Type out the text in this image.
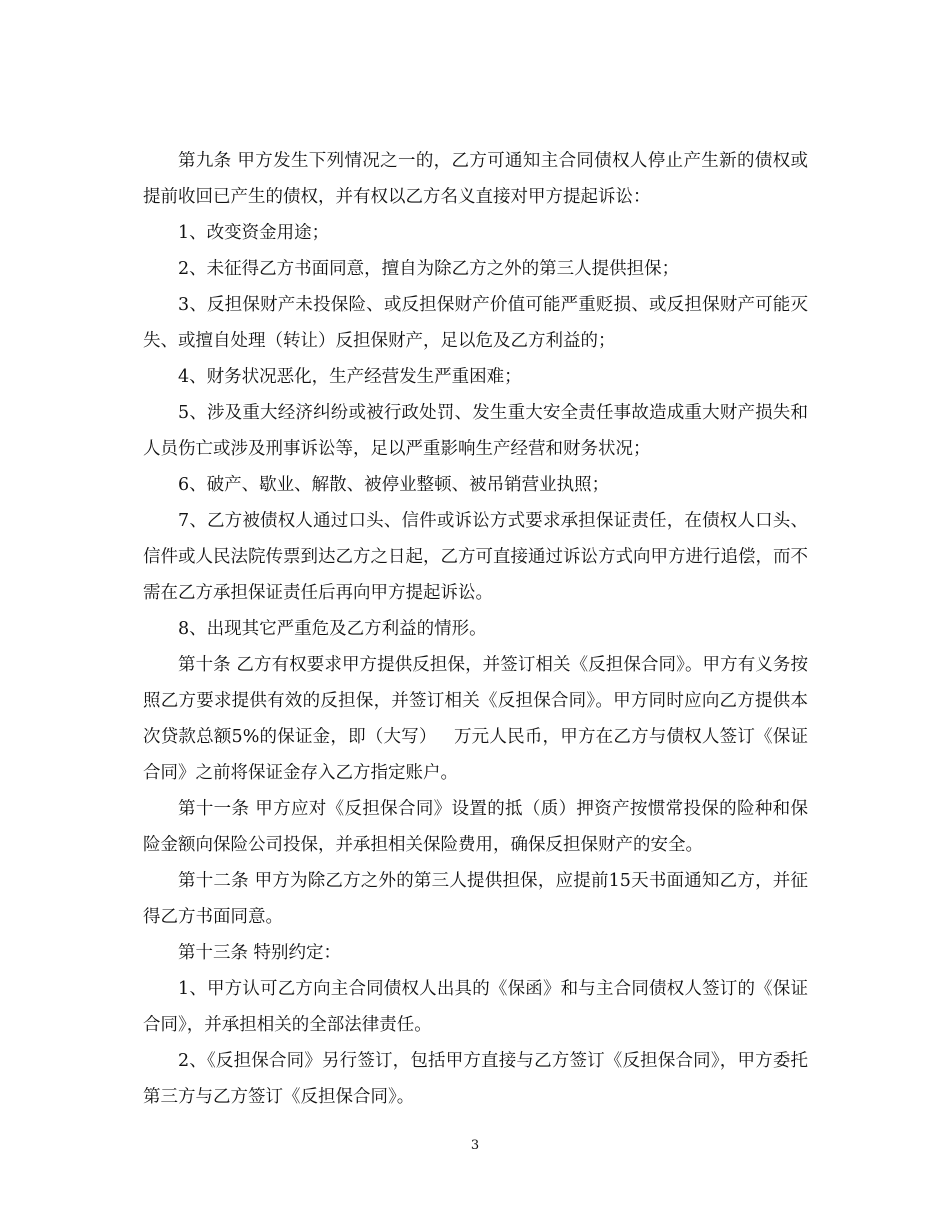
第九条 甲方发生下列情况之一的，乙方可通知主合同债权人停止产生新的债权或提前收回已产生的债权，并有权以乙方名义直接对甲方提起诉讼：

1、改变资金用途；

2、未征得乙方书面同意，擅自为除乙方之外的第三人提供担保；

3、反担保财产未投保险、或反担保财产价值可能严重贬损、或反担保财产可能灭失、或擅自处理（转让）反担保财产，足以危及乙方利益的；

4、财务状况恶化，生产经营发生严重困难；

5、涉及重大经济纠纷或被行政处罚、发生重大安全责任事故造成重大财产损失和人员伤亡或涉及刑事诉讼等，足以严重影响生产经营和财务状况；

6、破产、歇业、解散、被停业整顿、被吊销营业执照；

7、乙方被债权人通过口头、信件或诉讼方式要求承担保证责任，在债权人口头、信件或人民法院传票到达乙方之日起，乙方可直接通过诉讼方式向甲方进行追偿，而不需在乙方承担保证责任后再向甲方提起诉讼。

8、出现其它严重危及乙方利益的情形。

第十条 乙方有权要求甲方提供反担保，并签订相关《反担保合同》。甲方有义务按照乙方要求提供有效的反担保，并签订相关《反担保合同》。甲方同时应向乙方提供本次贷款总额5%的保证金，即（大写）   万元人民币，甲方在乙方与债权人签订《保证合同》之前将保证金存入乙方指定账户。

第十一条 甲方应对《反担保合同》设置的抵（质）押资产按惯常投保的险种和保险金额向保险公司投保，并承担相关保险费用，确保反担保财产的安全。

第十二条 甲方为除乙方之外的第三人提供担保，应提前15天书面通知乙方，并征得乙方书面同意。

第十三条 特别约定：

1、甲方认可乙方向主合同债权人出具的《保函》和与主合同债权人签订的《保证合同》，并承担相关的全部法律责任。

2、《反担保合同》另行签订，包括甲方直接与乙方签订《反担保合同》，甲方委托第三方与乙方签订《反担保合同》。

3
